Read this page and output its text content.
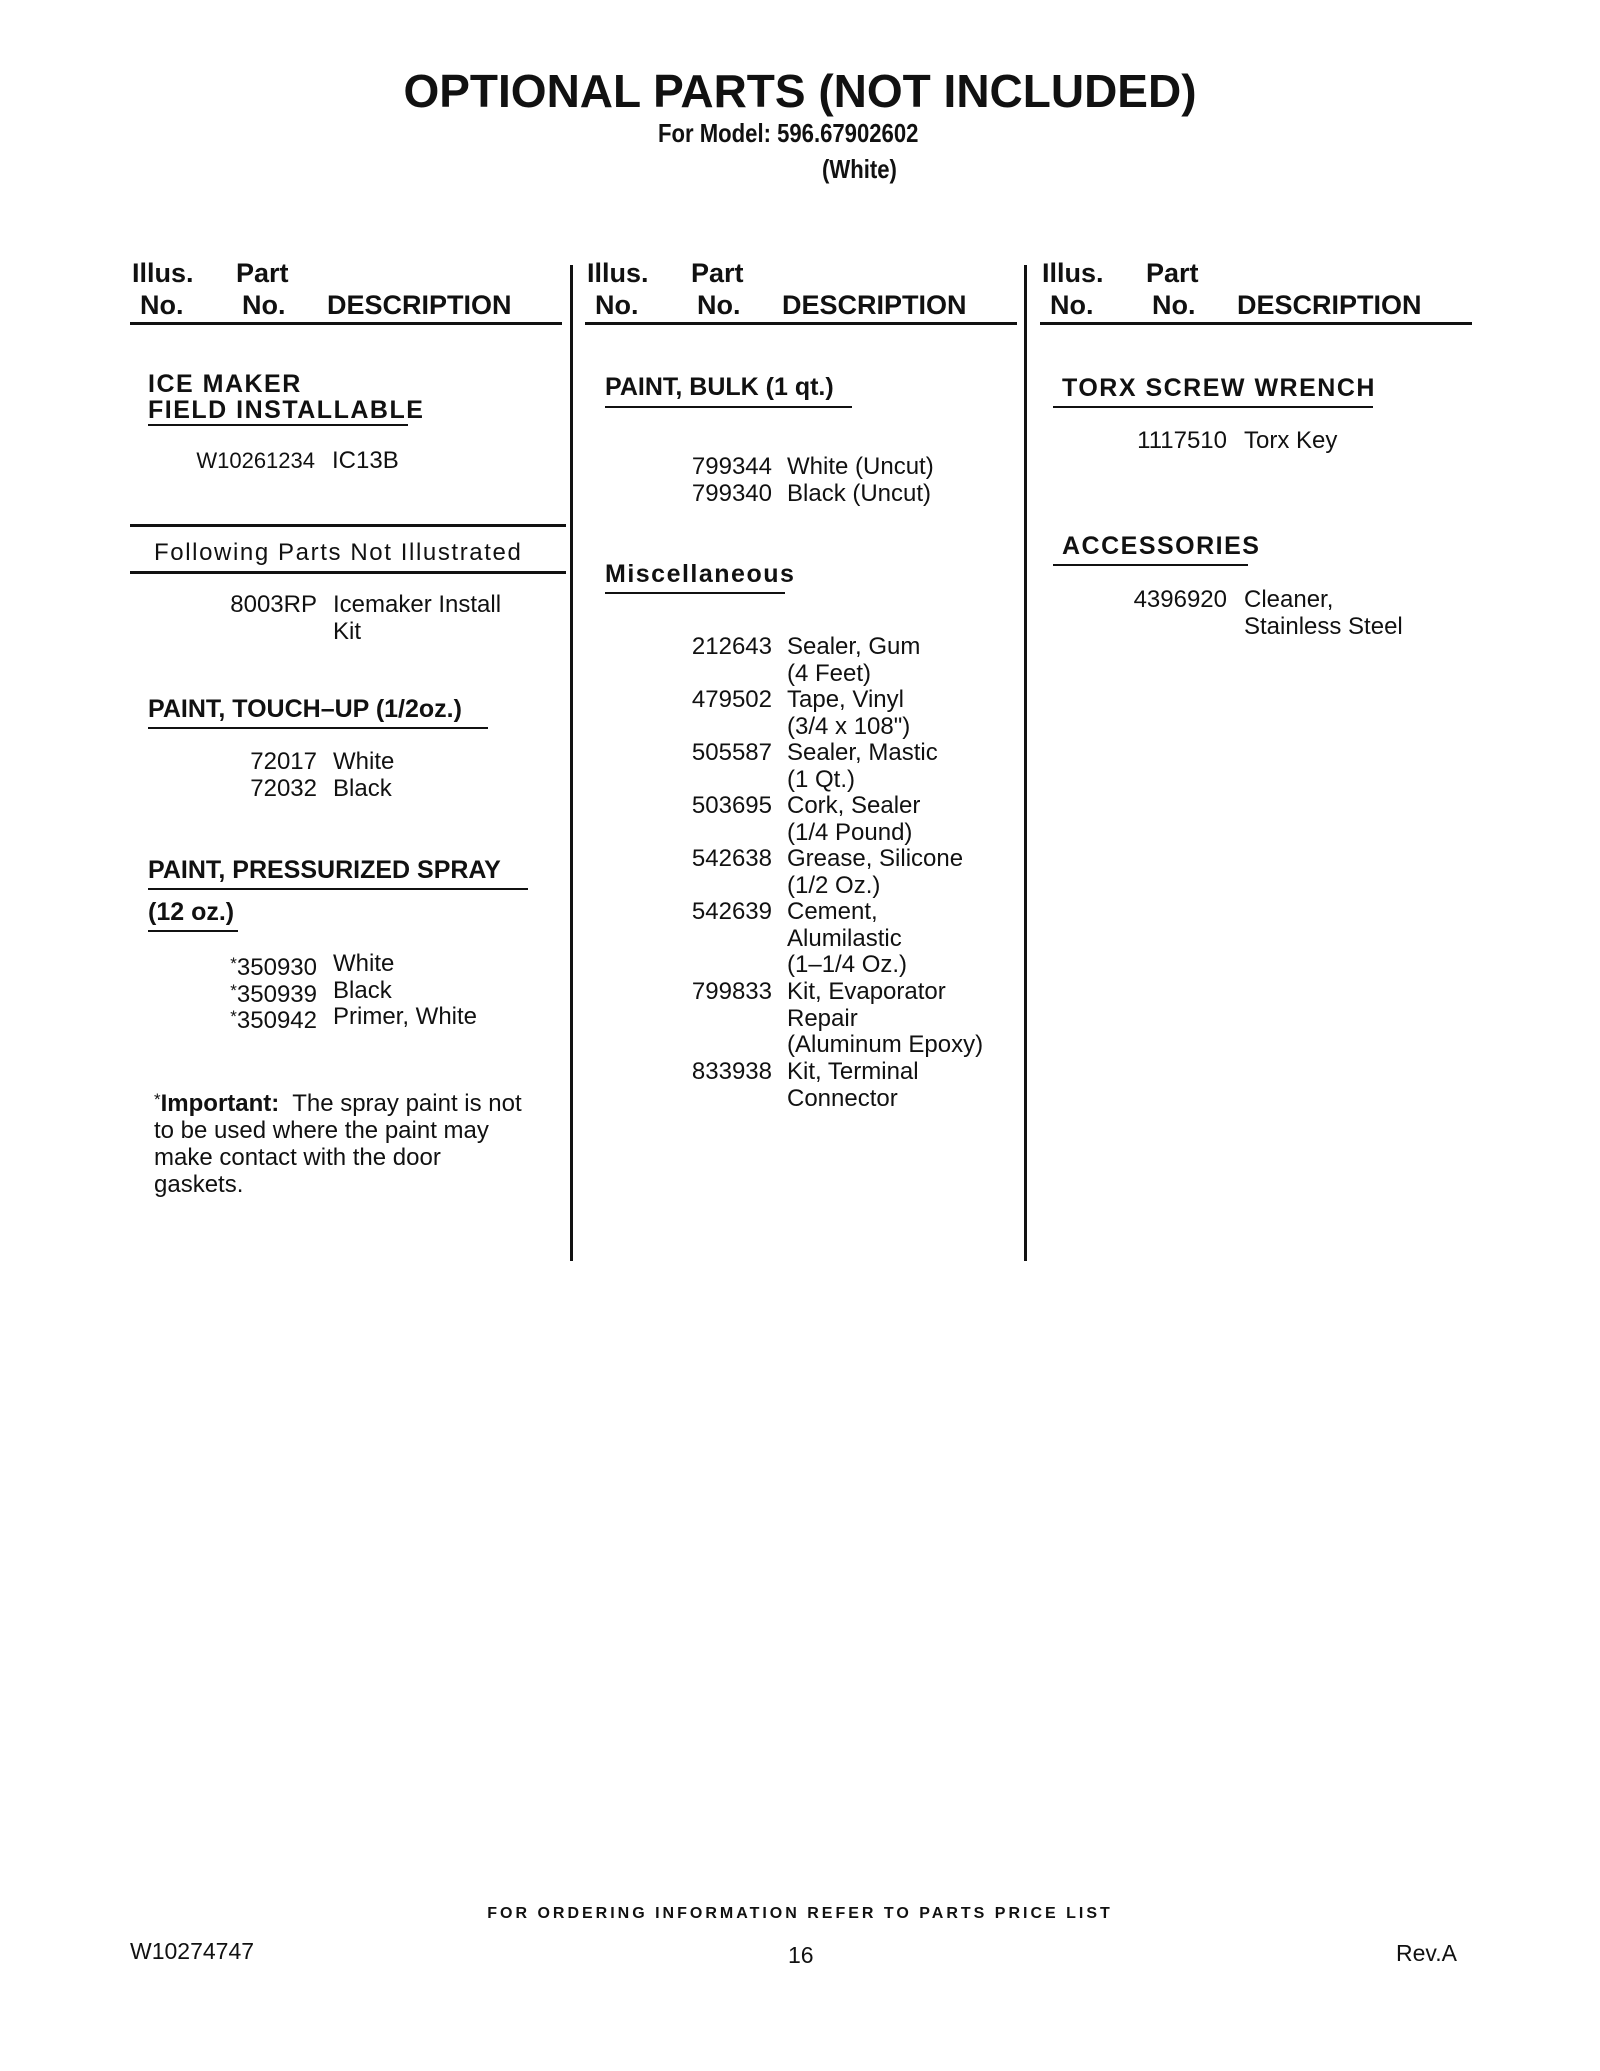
OPTIONAL PARTS (NOT INCLUDED)
For Model: 596.67902602
(White)
Illus. Part
No. No. DESCRIPTION
ICE MAKER
FIELD INSTALLABLE
W10261234 IC13B
Following Parts Not Illustrated
8003RP Icemaker Install
Kit
PAINT, TOUCH–UP (1/2oz.)
72017 White
72032 Black
PAINT, PRESSURIZED SPRAY
(12 oz.)
*350930 White
*350939 Black
*350942 Primer, White
*Important: The spray paint is not to be used where the paint may make contact with the door gaskets.
Illus. Part
No. No. DESCRIPTION
PAINT, BULK (1 qt.)
799344 White (Uncut)
799340 Black (Uncut)
Miscellaneous
212643 Sealer, Gum
(4 Feet)
479502 Tape, Vinyl
(3/4 x 108")
505587 Sealer, Mastic
(1 Qt.)
503695 Cork, Sealer
(1/4 Pound)
542638 Grease, Silicone
(1/2 Oz.)
542639 Cement,
Alumilastic
(1–1/4 Oz.)
799833 Kit, Evaporator
Repair
(Aluminum Epoxy)
833938 Kit, Terminal
Connector
Illus. Part
No. No. DESCRIPTION
TORX SCREW WRENCH
1117510 Torx Key
ACCESSORIES
4396920 Cleaner,
Stainless Steel
FOR ORDERING INFORMATION REFER TO PARTS PRICE LIST
W10274747	16	Rev.A
